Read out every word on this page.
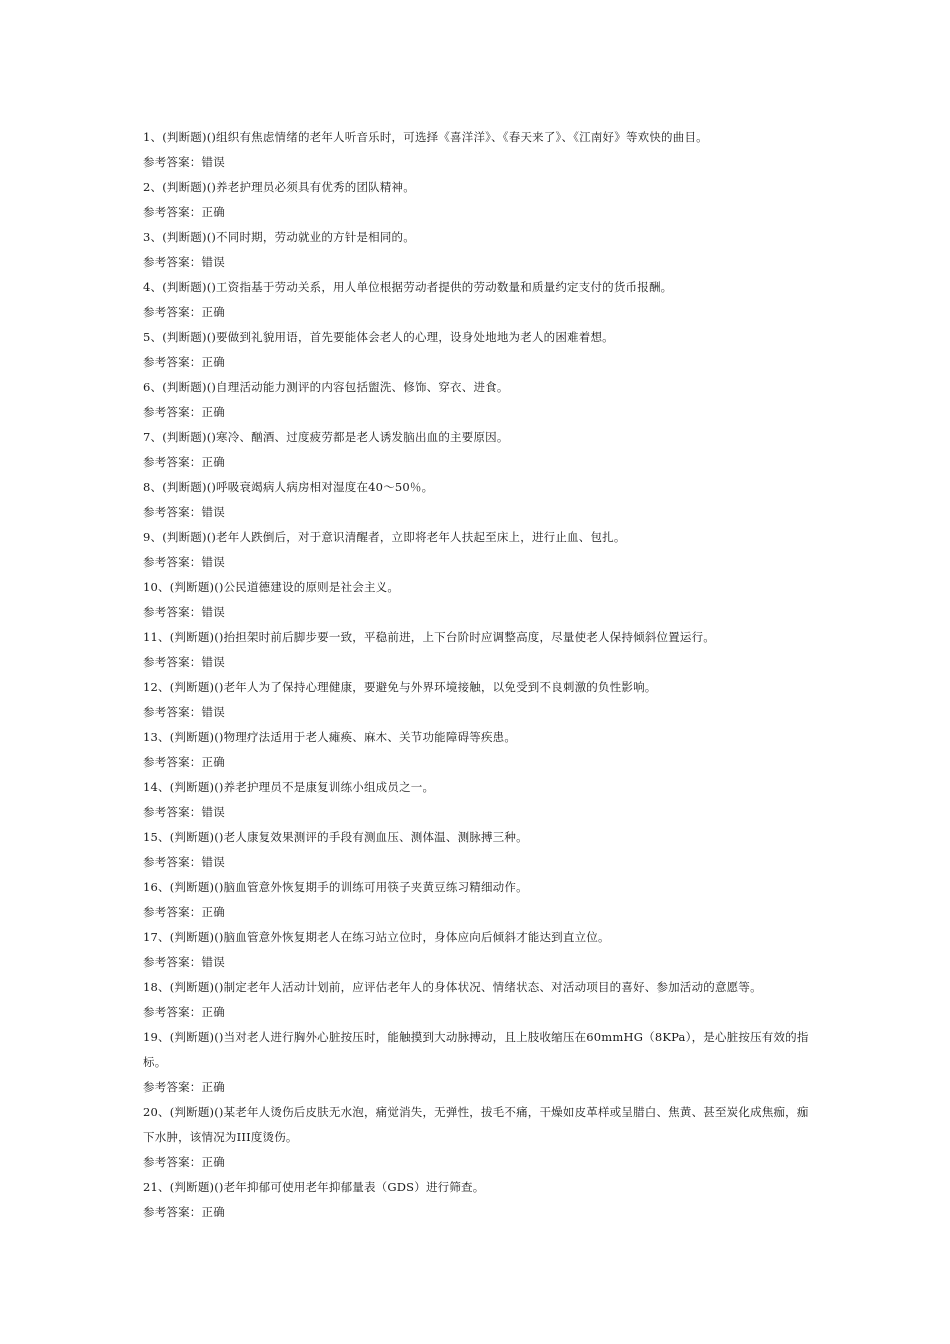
1、(判断题)()组织有焦虑情绪的老年人听音乐时，可选择《喜洋洋》、《春天来了》、《江南好》等欢快的曲目。
参考答案：错误
2、(判断题)()养老护理员必须具有优秀的团队精神。
参考答案：正确
3、(判断题)()不同时期，劳动就业的方针是相同的。
参考答案：错误
4、(判断题)()工资指基于劳动关系，用人单位根据劳动者提供的劳动数量和质量约定支付的货币报酬。
参考答案：正确
5、(判断题)()要做到礼貌用语，首先要能体会老人的心理，设身处地地为老人的困难着想。
参考答案：正确
6、(判断题)()自理活动能力测评的内容包括盥洗、修饰、穿衣、进食。
参考答案：正确
7、(判断题)()寒冷、酗酒、过度疲劳都是老人诱发脑出血的主要原因。
参考答案：正确
8、(判断题)()呼吸衰竭病人病房相对湿度在40～50％。
参考答案：错误
9、(判断题)()老年人跌倒后，对于意识清醒者，立即将老年人扶起至床上，进行止血、包扎。
参考答案：错误
10、(判断题)()公民道德建设的原则是社会主义。
参考答案：错误
11、(判断题)()抬担架时前后脚步要一致，平稳前进，上下台阶时应调整高度，尽量使老人保持倾斜位置运行。
参考答案：错误
12、(判断题)()老年人为了保持心理健康，要避免与外界环境接触，以免受到不良刺激的负性影响。
参考答案：错误
13、(判断题)()物理疗法适用于老人瘫痪、麻木、关节功能障碍等疾患。
参考答案：正确
14、(判断题)()养老护理员不是康复训练小组成员之一。
参考答案：错误
15、(判断题)()老人康复效果测评的手段有测血压、测体温、测脉搏三种。
参考答案：错误
16、(判断题)()脑血管意外恢复期手的训练可用筷子夹黄豆练习精细动作。
参考答案：正确
17、(判断题)()脑血管意外恢复期老人在练习站立位时，身体应向后倾斜才能达到直立位。
参考答案：错误
18、(判断题)()制定老年人活动计划前，应评估老年人的身体状况、情绪状态、对活动项目的喜好、参加活动的意愿等。
参考答案：正确
19、(判断题)()当对老人进行胸外心脏按压时，能触摸到大动脉搏动，且上肢收缩压在60mmHG（8KPa），是心脏按压有效的指标。
参考答案：正确
20、(判断题)()某老年人烫伤后皮肤无水泡，痛觉消失，无弹性，拔毛不痛，干燥如皮革样或呈腊白、焦黄、甚至炭化成焦痂，痂下水肿，该情况为III度烫伤。
参考答案：正确
21、(判断题)()老年抑郁可使用老年抑郁量表（GDS）进行筛查。
参考答案：正确
